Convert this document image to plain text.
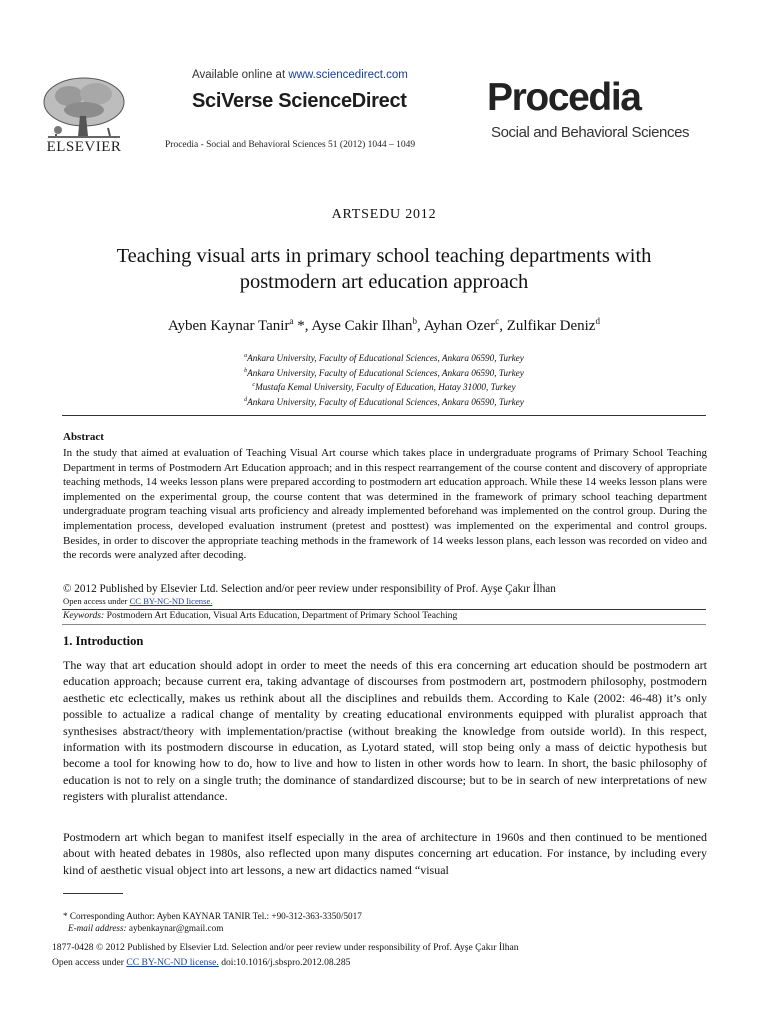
ELSEVIER
Available online at www.sciencedirect.com
SciVerse ScienceDirect
Procedia - Social and Behavioral Sciences 51 (2012) 1044 – 1049
Procedia
Social and Behavioral Sciences
ARTSEDU 2012
Teaching visual arts in primary school teaching departments with
postmodern art education approach
Ayben Kaynar Tanir$^a$ *, Ayse Cakir Ilhan$^b$, Ayhan Ozer$^c$, Zulfikar Deniz$^d$
$^a$Ankara University, Faculty of Educational Sciences, Ankara 06590, Turkey
$^b$Ankara University, Faculty of Educational Sciences, Ankara 06590, Turkey
$^c$Mustafa Kemal University, Faculty of Education, Hatay 31000, Turkey
$^d$Ankara University, Faculty of Educational Sciences, Ankara 06590, Turkey
Abstract
In the study that aimed at evaluation of Teaching Visual Art course which takes place in undergraduate programs of Primary School Teaching Department in terms of Postmodern Art Education approach; and in this respect rearrangement of the course content and discovery of appropriate teaching methods, 14 weeks lesson plans were prepared according to postmodern art education approach. While these 14 weeks lesson plans were implemented on the experimental group, the course content that was determined in the framework of primary school teaching department undergraduate program teaching visual arts proficiency and already implemented beforehand was implemented on the control group. During the implementation process, developed evaluation instrument (pretest and posttest) was implemented on the experimental and control groups. Besides, in order to discover the appropriate teaching methods in the framework of 14 weeks lesson plans, each lesson was recorded on video and the records were analyzed after decoding.
© 2012 Published by Elsevier Ltd. Selection and/or peer review under responsibility of Prof. Ayşe Çakır İlhan
Open access under CC BY-NC-ND license.
Keywords: Postmodern Art Education, Visual Arts Education, Department of Primary School Teaching
1. Introduction
The way that art education should adopt in order to meet the needs of this era concerning art education should be postmodern art education approach; because current era, taking advantage of discourses from postmodern art, postmodern philosophy, postmodern aesthetic etc eclectically, makes us rethink about all the disciplines and rebuilds them. According to Kale (2002: 46-48) it’s only possible to actualize a radical change of mentality by creating educational environments equipped with pluralist approach that synthesises abstract/theory with implementation/practise (without breaking the knowledge from outside world). In this respect, information with its postmodern discourse in education, as Lyotard stated, will stop being only a mass of deictic hypothesis but become a tool for knowing how to do, how to live and how to listen in other words how to learn. In short, the basic philosophy of education is not to rely on a single truth; the dominance of standardized discourse; but to be in search of new interpretations of new registers with pluralist attendance.
Postmodern art which began to manifest itself especially in the area of architecture in 1960s and then continued to be mentioned about with heated debates in 1980s, also reflected upon many disputes concerning art education. For instance, by including every kind of aesthetic visual object into art lessons, a new art didactics named “visual
* Corresponding Author: Ayben KAYNAR TANIR Tel.: +90-312-363-3350/5017
E-mail address: aybenkaynar@gmail.com
1877-0428 © 2012 Published by Elsevier Ltd. Selection and/or peer review under responsibility of Prof. Ayşe Çakır İlhan
Open access under CC BY-NC-ND license. doi:10.1016/j.sbspro.2012.08.285
